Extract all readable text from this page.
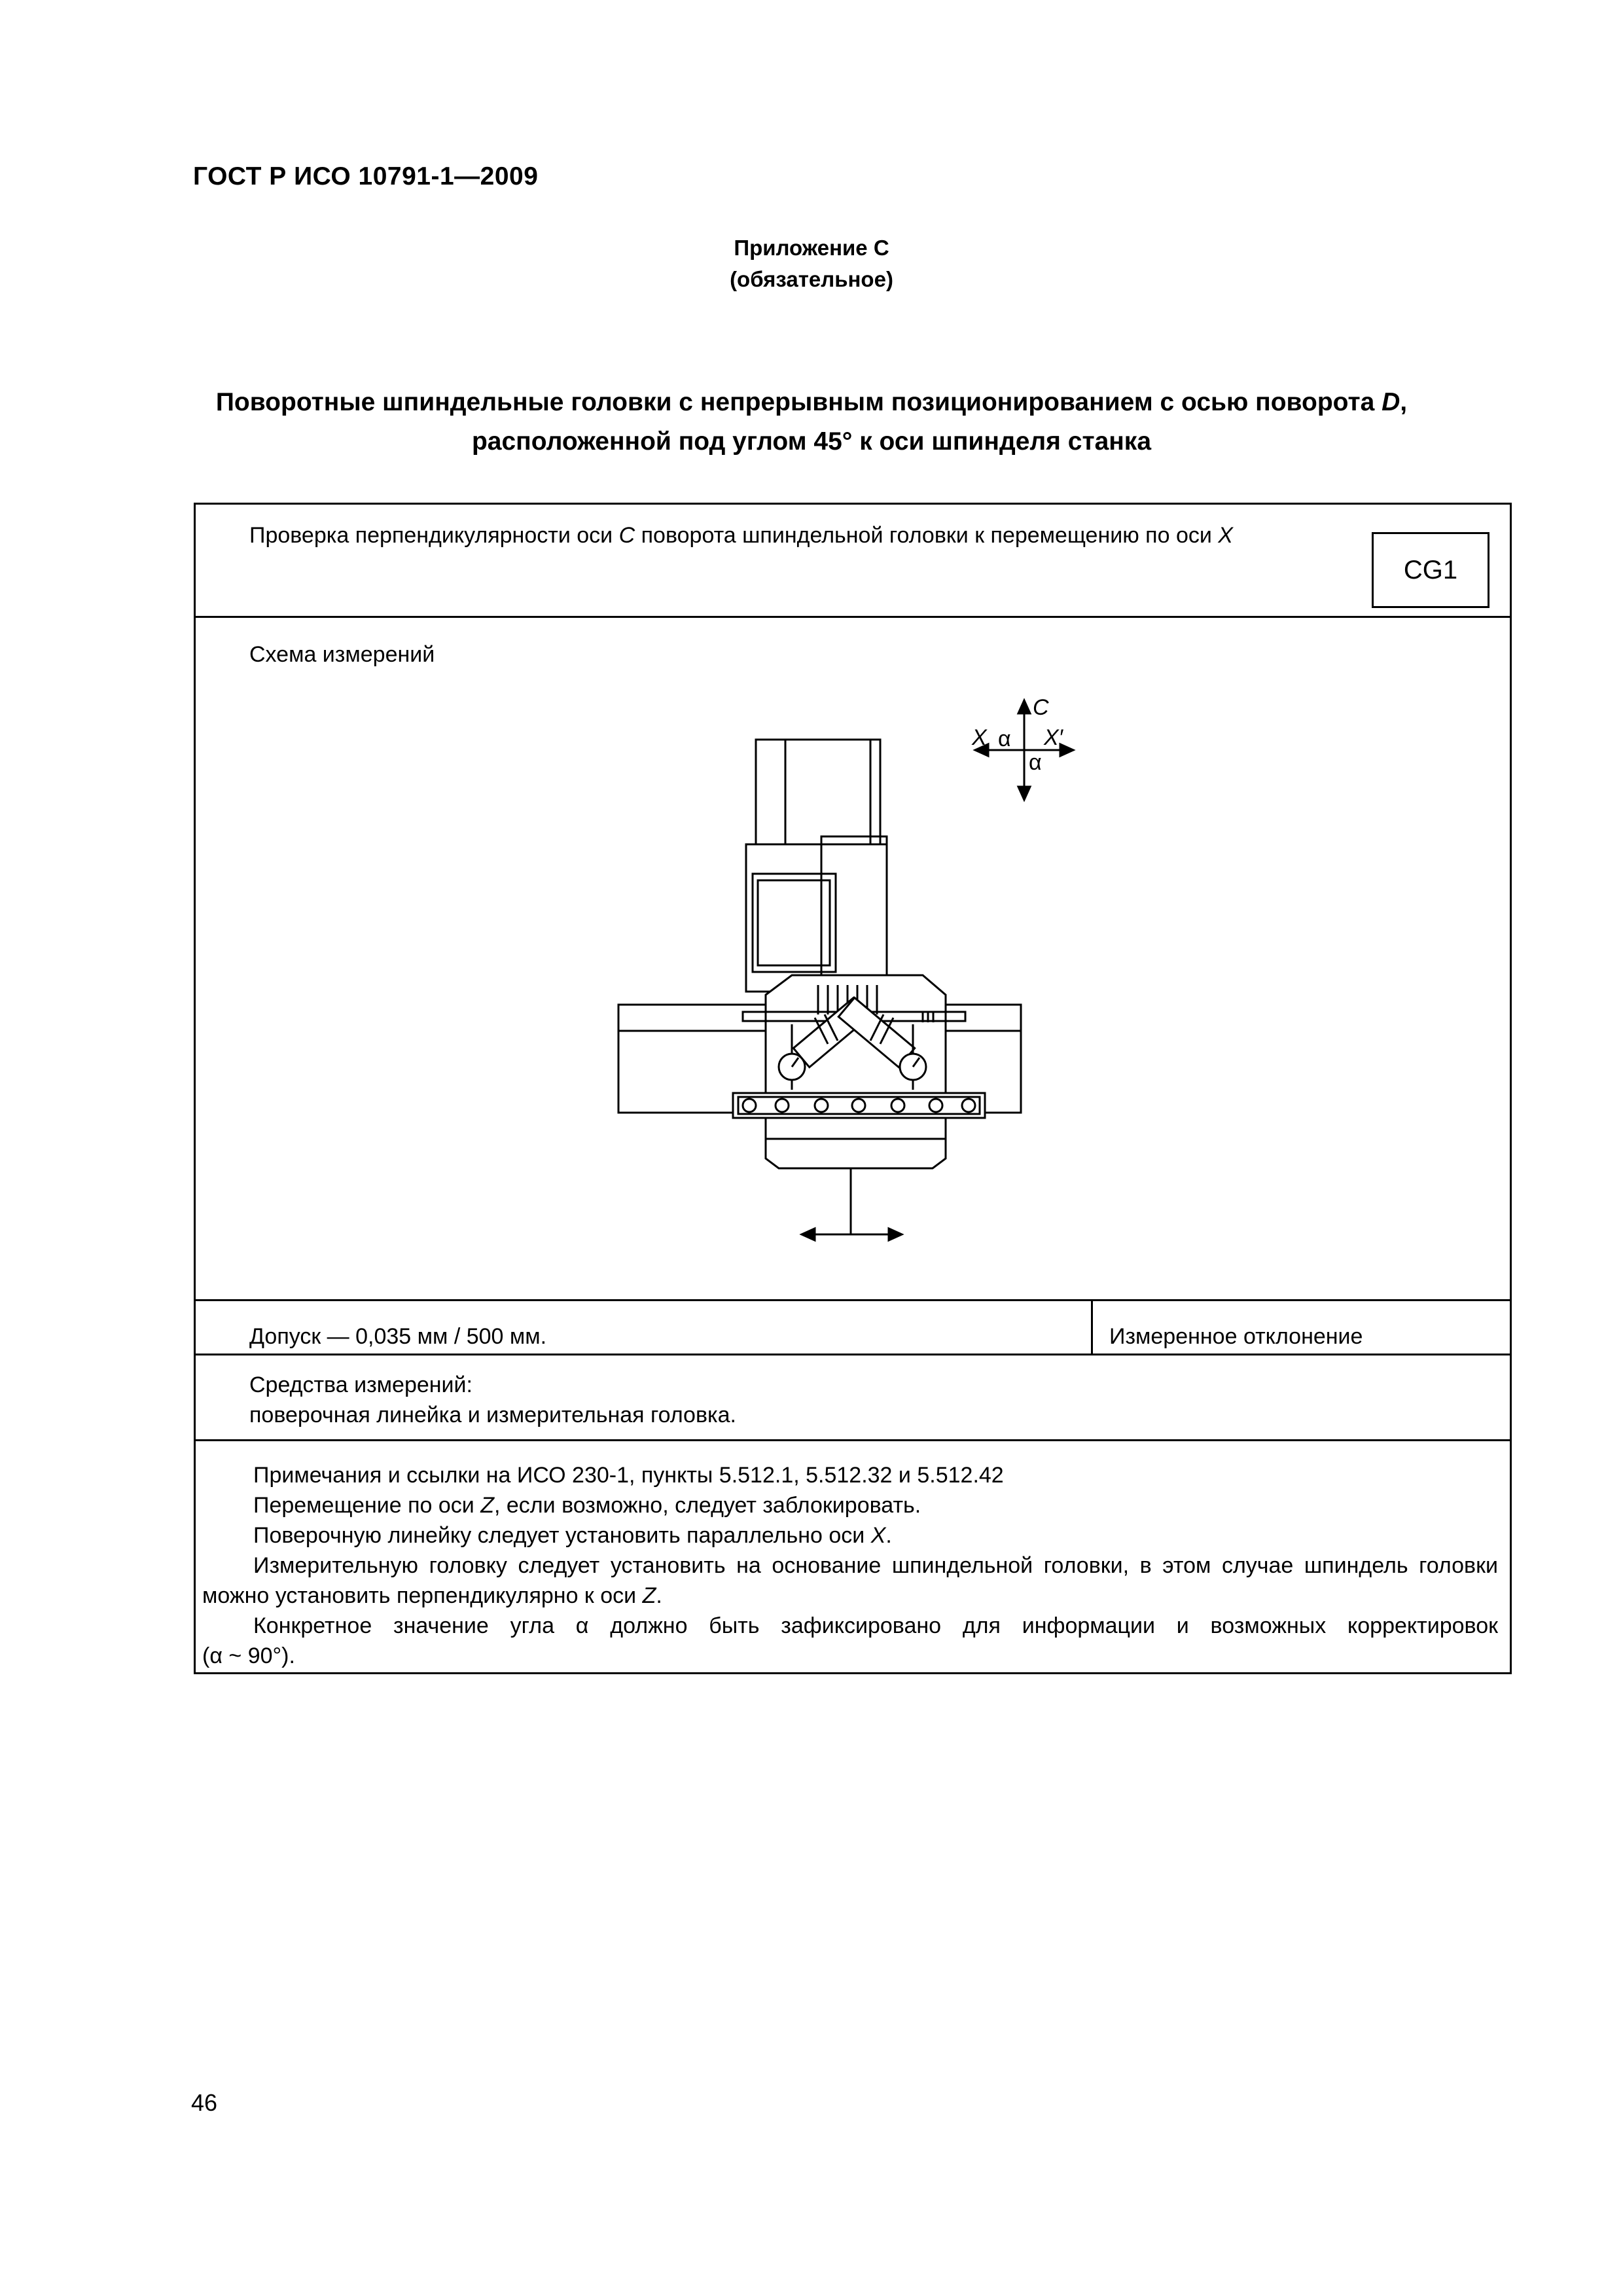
ГОСТ Р ИСО 10791-1—2009
Приложение С
(обязательное)
Поворотные шпиндельные головки с непрерывным позиционированием с осью поворота D,
расположенной под углом 45° к оси шпинделя станка
Проверка перпендикулярности оси C поворота шпиндельной головки к перемещению по оси X
CG1
Схема измерений
Допуск — 0,035 мм / 500 мм.	Измеренное отклонение
Средства измерений:
поверочная линейка и измерительная головка.

Примечания и ссылки на ИСО 230-1, пункты 5.512.1, 5.512.32 и 5.512.42

Перемещение по оси Z, если возможно, следует заблокировать.

Поверочную линейку следует установить параллельно оси X.

Измерительную головку следует установить на основание шпиндельной головки, в этом случае шпиндель головки можно установить перпендикулярно к оси Z.

Конкретное значение угла α должно быть зафиксировано для информации и возможных корректировок

(α ~ 90°).

C
X α X′
α
46
